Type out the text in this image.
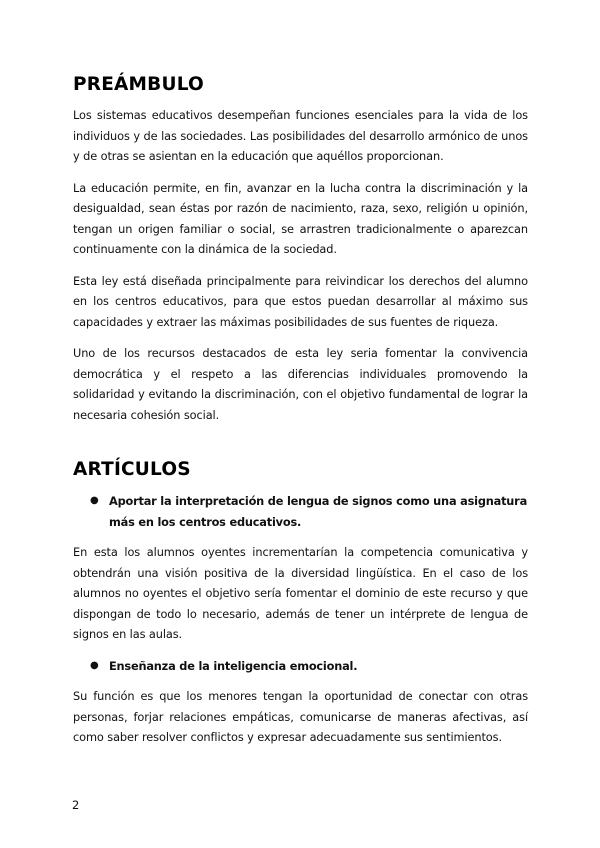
PREÁMBULO

Los sistemas educativos desempeñan funciones esenciales para la vida de los individuos y de las sociedades. Las posibilidades del desarrollo armónico de unos y de otras se asientan en la educación que aquéllos proporcionan.

La educación permite, en fin, avanzar en la lucha contra la discriminación y la desigualdad, sean éstas por razón de nacimiento, raza, sexo, religión u opinión, tengan un origen familiar o social, se arrastren tradicionalmente o aparezcan continuamente con la dinámica de la sociedad.

Esta ley está diseñada principalmente para reivindicar los derechos del alumno en los centros educativos, para que estos puedan desarrollar al máximo sus capacidades y extraer las máximas posibilidades de sus fuentes de riqueza.

Uno de los recursos destacados de esta ley seria fomentar la convivencia democrática y el respeto a las diferencias individuales promovendo la solidaridad y evitando la discriminación, con el objetivo fundamental de lograr la necesaria cohesión social.

ARTÍCULOS
● Aportar la interpretación de lengua de signos como una asignatura más en los centros educativos.

En esta los alumnos oyentes incrementarían la competencia comunicativa y obtendrán una visión positiva de la diversidad lingüística. En el caso de los alumnos no oyentes el objetivo sería fomentar el dominio de este recurso y que dispongan de todo lo necesario, además de tener un intérprete de lengua de signos en las aulas.

● Enseñanza de la inteligencia emocional.

Su función es que los menores tengan la oportunidad de conectar con otras personas, forjar relaciones empáticas, comunicarse de maneras afectivas, así como saber resolver conflictos y expresar adecuadamente sus sentimientos.

2
